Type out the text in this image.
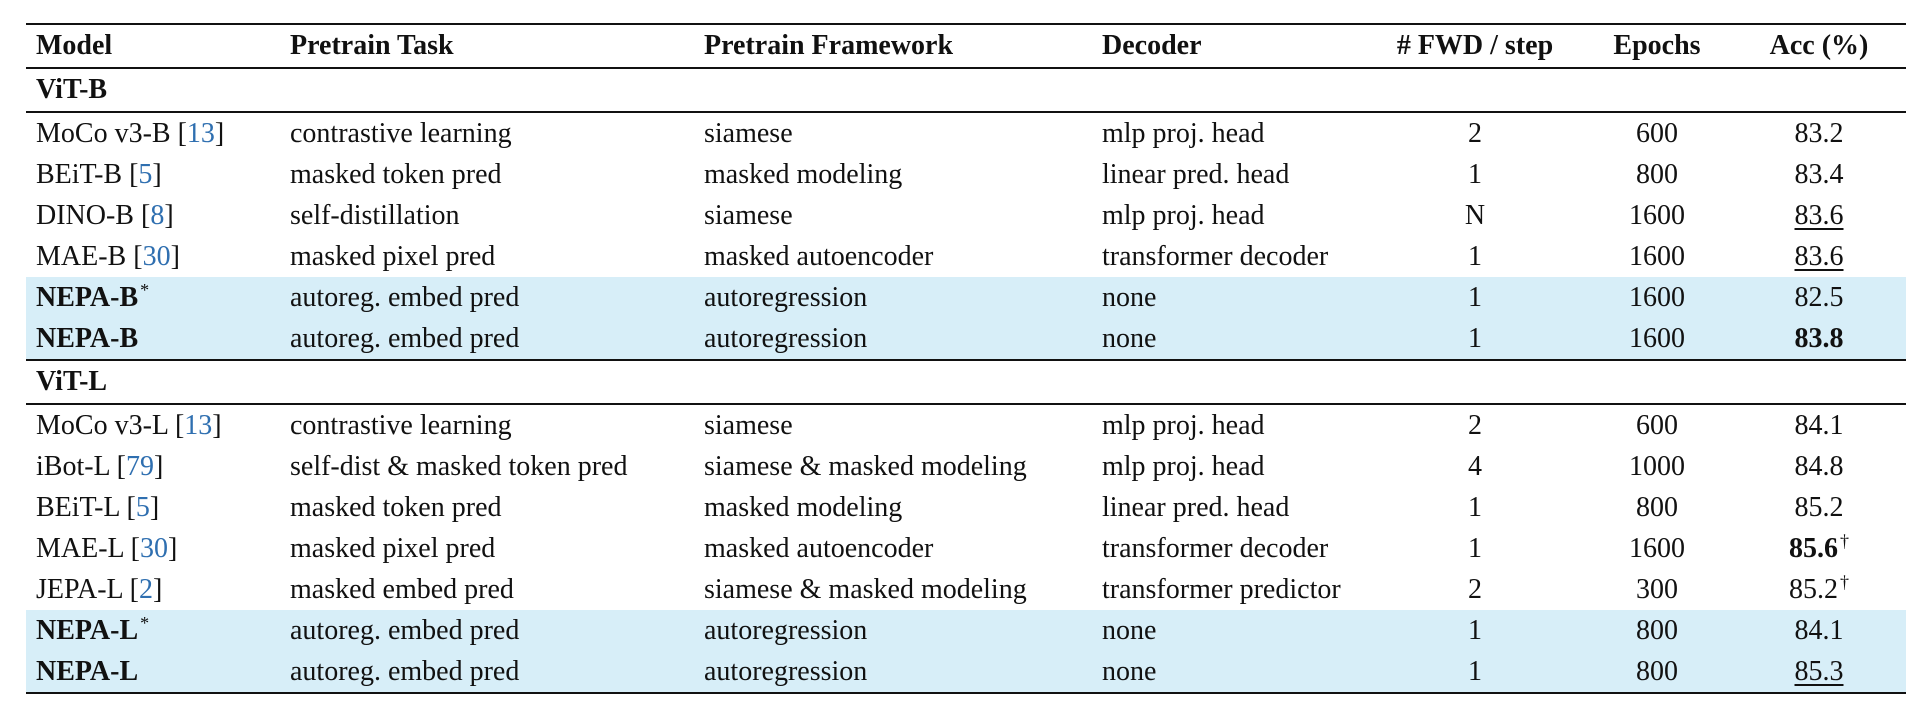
Model	Pretrain Task	Pretrain Framework	Decoder	# FWD / step	Epochs	Acc (%)
ViT-B						
MoCo v3-B [13]	contrastive learning	siamese	mlp proj. head	2	600	83.2
BEiT-B [5]	masked token pred	masked modeling	linear pred. head	1	800	83.4
DINO-B [8]	self-distillation	siamese	mlp proj. head	N	1600	83.6
MAE-B [30]	masked pixel pred	masked autoencoder	transformer decoder	1	1600	83.6
NEPA-B *	autoreg. embed pred	autoregression	none	1	1600	82.5
NEPA-B	autoreg. embed pred	autoregression	none	1	1600	83.8
ViT-L						
MoCo v3-L [13]	contrastive learning	siamese	mlp proj. head	2	600	84.1
iBot-L [79]	self-dist & masked token pred	siamese & masked modeling	mlp proj. head	4	1000	84.8
BEiT-L [5]	masked token pred	masked modeling	linear pred. head	1	800	85.2
MAE-L [30]	masked pixel pred	masked autoencoder	transformer decoder	1	1600	85.6 †
JEPA-L [2]	masked embed pred	siamese & masked modeling	transformer predictor	2	300	85.2 †
NEPA-L *	autoreg. embed pred	autoregression	none	1	800	84.1
NEPA-L	autoreg. embed pred	autoregression	none	1	800	85.3
